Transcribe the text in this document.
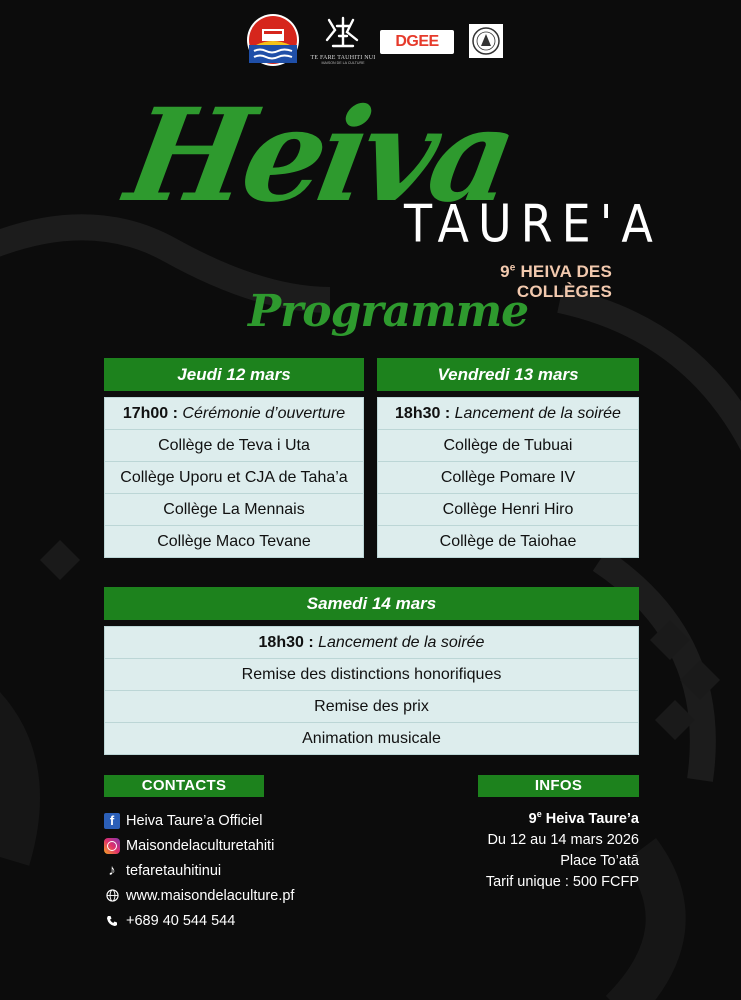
TE FARE TAUHITI NUI
MAISON DE LA CULTURE
DGEE
Heiva
TAURE'A
9e HEIVA DES COLLÈGES
Programme
Jeudi 12 mars
17h00 : Cérémonie d’ouverture
Collège de Teva i Uta
Collège Uporu et CJA de Taha’a
Collège La Mennais
Collège Maco Tevane
Vendredi 13 mars
18h30 : Lancement de la soirée
Collège de Tubuai
Collège Pomare IV
Collège Henri Hiro
Collège de Taiohae
Samedi 14 mars
18h30 : Lancement de la soirée
Remise des distinctions honorifiques
Remise des prix
Animation musicale
CONTACTS
f Heiva Taure’a Officiel
Maisondelaculturetahiti
♪ tefaretauhitinui
www.maisondelaculture.pf
+689 40 544 544
INFOS
9e Heiva Taure’a
Du 12 au 14 mars 2026
Place To’atā
Tarif unique : 500 FCFP
